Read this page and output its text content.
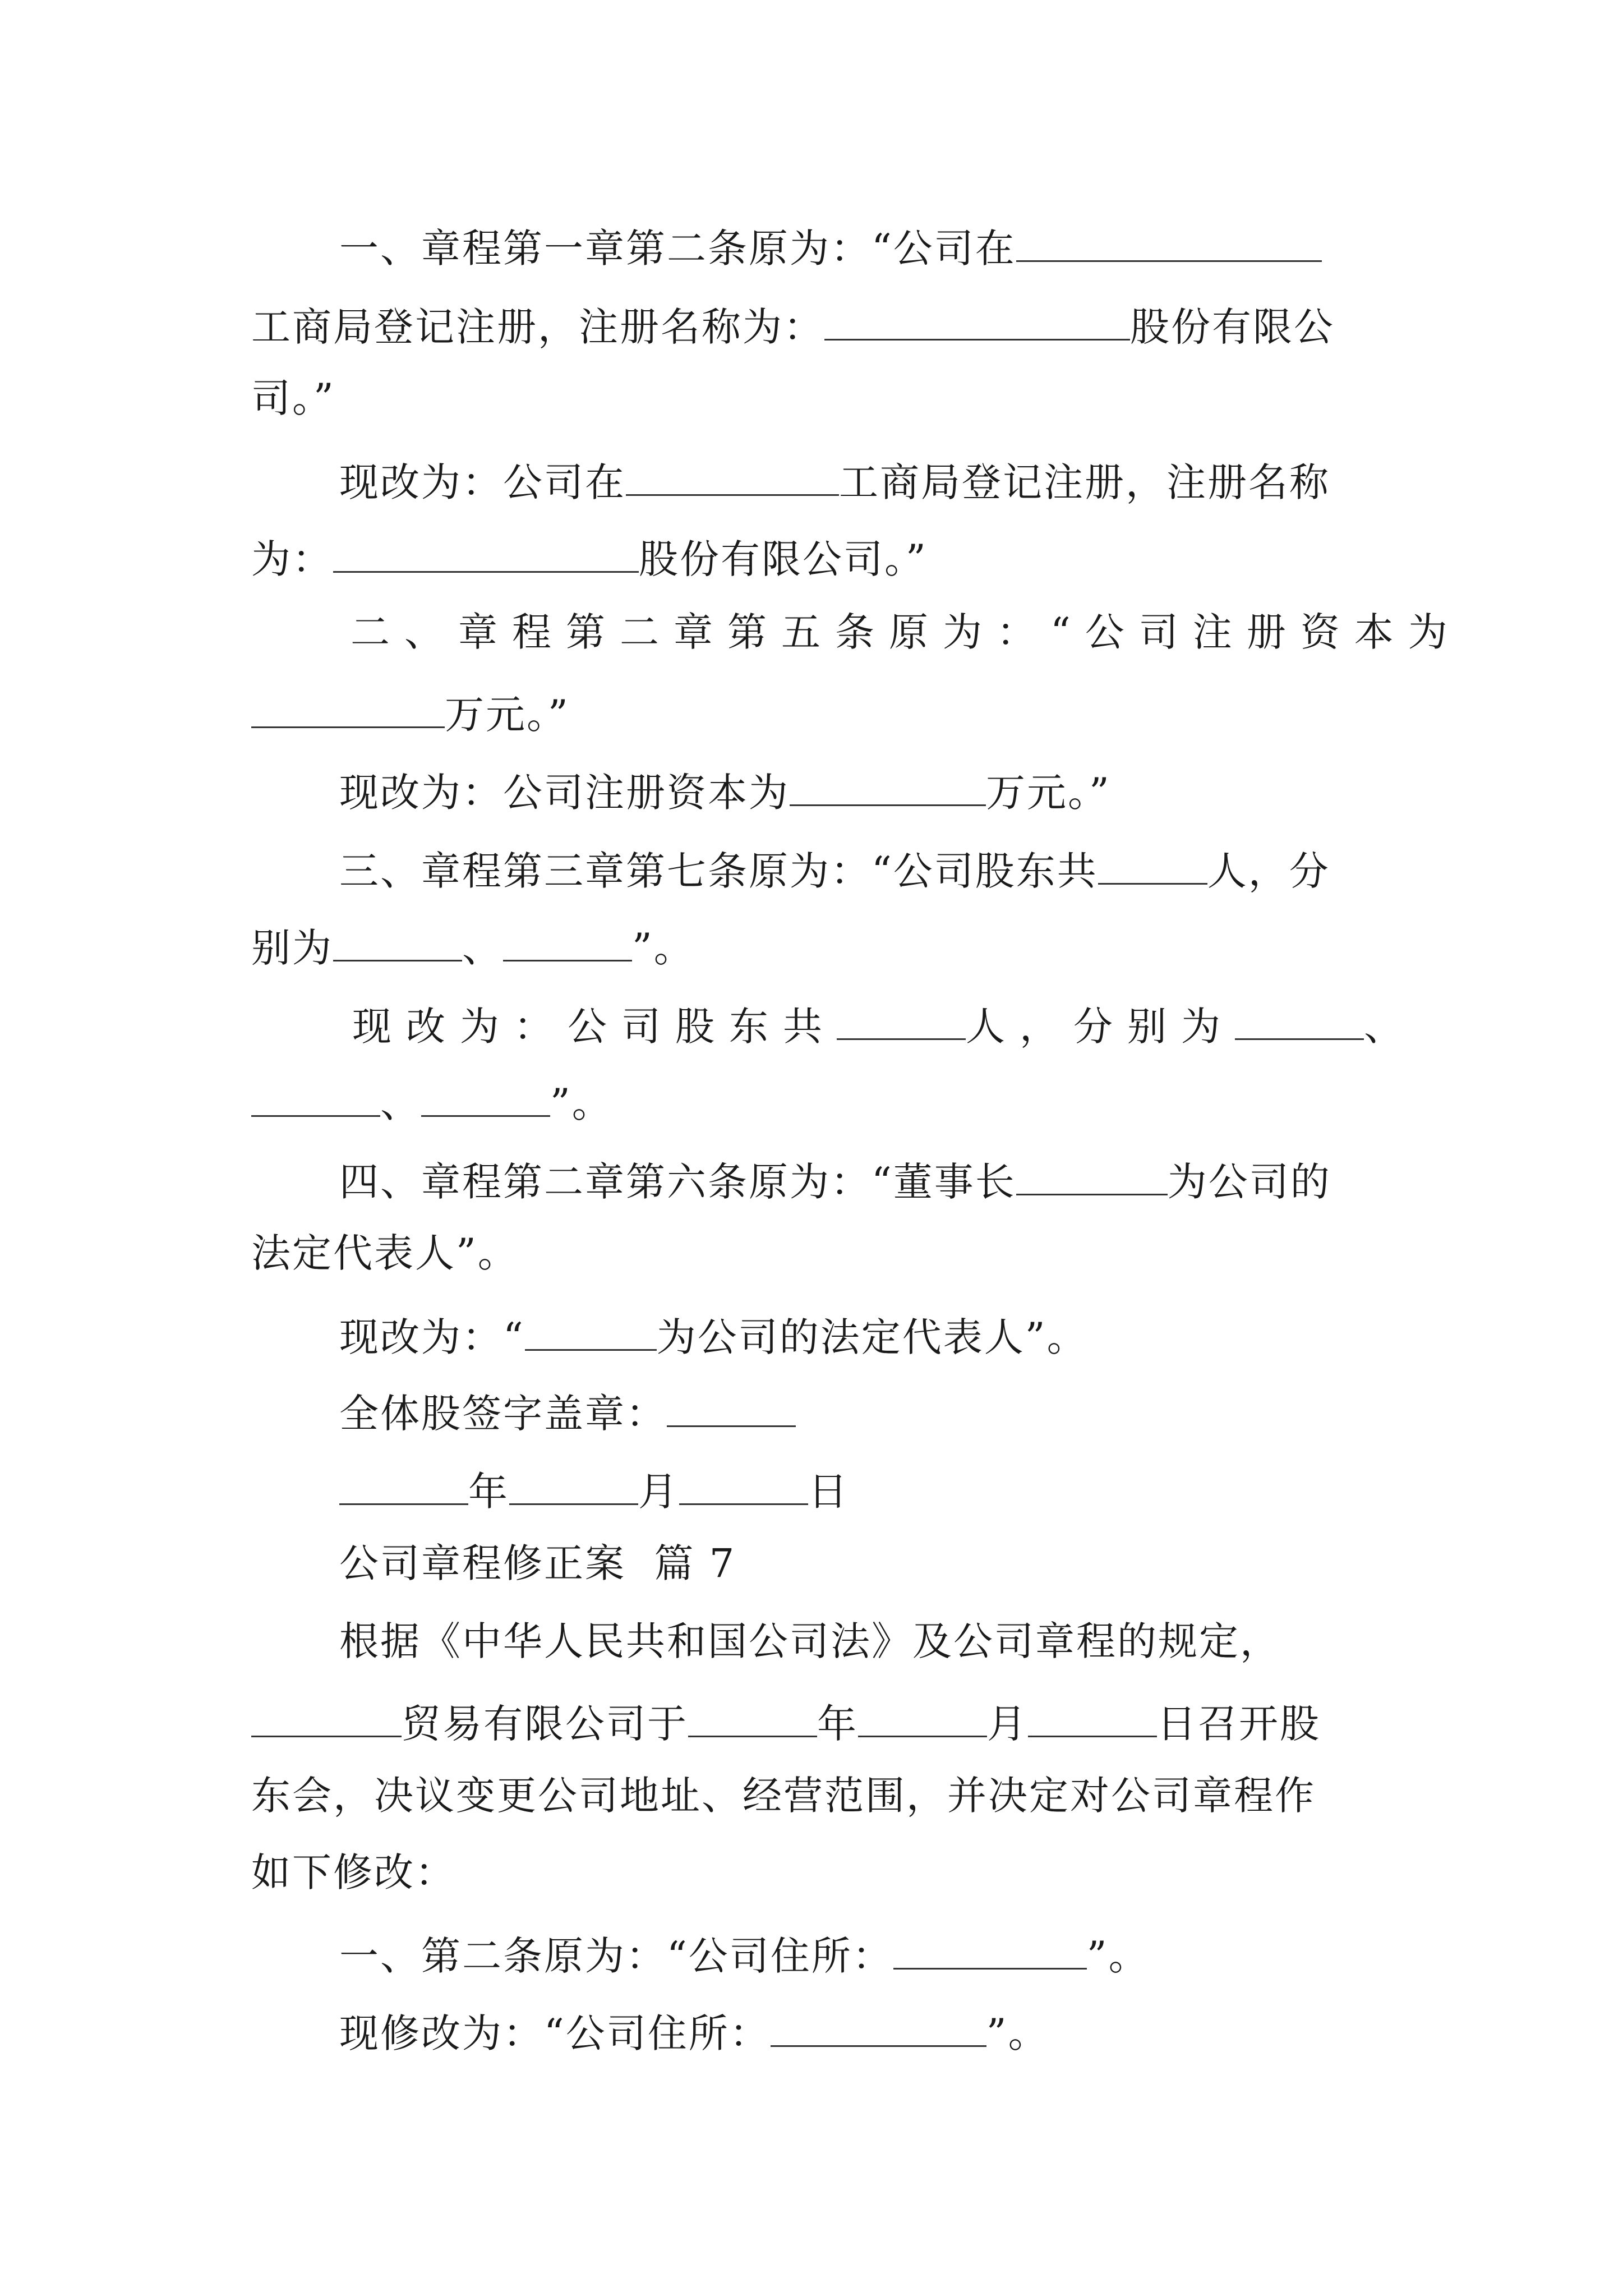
一、章程第一章第二条原为：“公司在
工商局登记注册，注册名称为：	股份有限公
司。”
现改为：公司在	工商局登记注册，注册名称
为：	股份有限公司。”
二、章程第二章第五条原为：“公司注册资本为
万元。”
现改为：公司注册资本为	万元。”
三、章程第三章第七条原为：“公司股东共	人，分
别为	、	”。
现改为：公司股东共	人，分别为	、
、	”。
四、章程第二章第六条原为：“董事长	为公司的
法定代表人”。
现改为：“	为公司的法定代表人”。
全体股签字盖章：
年	月	日
公司章程修正案  篇 7
根据《中华人民共和国公司法》及公司章程的规定，
贸易有限公司于	年	月	日召开股
东会，决议变更公司地址、经营范围，并决定对公司章程作
如下修改：
一、第二条原为：“公司住所：	”。
现修改为：“公司住所：	”。
